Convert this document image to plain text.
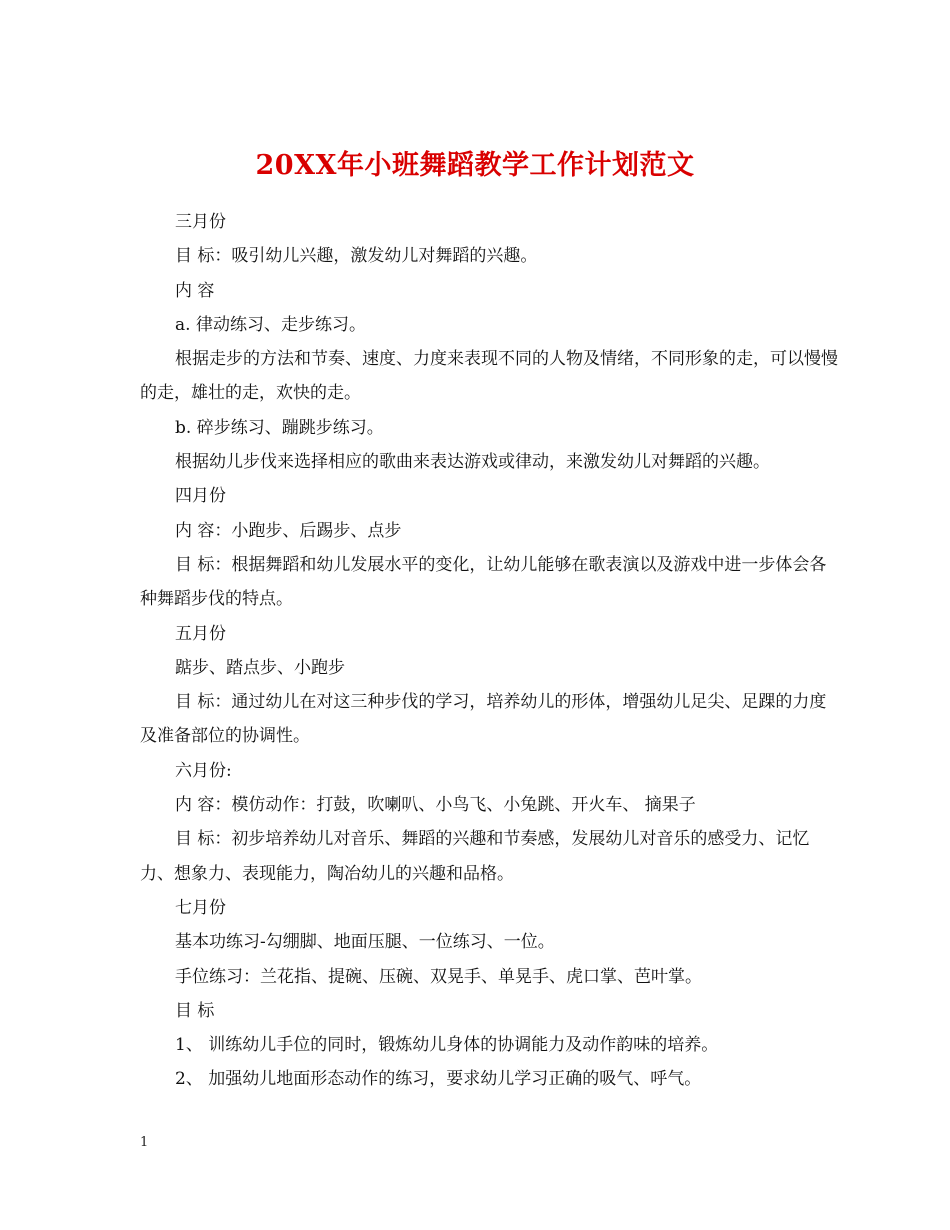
20XX年小班舞蹈教学工作计划范文

三月份

目 标：吸引幼儿兴趣，激发幼儿对舞蹈的兴趣。

内 容

a. 律动练习、走步练习。

根据走步的方法和节奏、速度、力度来表现不同的人物及情绪，不同形象的走，可以慢慢的走，雄壮的走，欢快的走。

b. 碎步练习、蹦跳步练习。

根据幼儿步伐来选择相应的歌曲来表达游戏或律动，来激发幼儿对舞蹈的兴趣。

四月份

内 容：小跑步、后踢步、点步

目 标：根据舞蹈和幼儿发展水平的变化，让幼儿能够在歌表演以及游戏中进一步体会各种舞蹈步伐的特点。

五月份

踮步、踏点步、小跑步

目 标：通过幼儿在对这三种步伐的学习，培养幼儿的形体，增强幼儿足尖、足踝的力度及准备部位的协调性。

六月份:

内 容：模仿动作：打鼓，吹喇叭、小鸟飞、小兔跳、开火车、 摘果子

目 标：初步培养幼儿对音乐、舞蹈的兴趣和节奏感，发展幼儿对音乐的感受力、记忆力、想象力、表现能力，陶冶幼儿的兴趣和品格。

七月份

基本功练习-勾绷脚、地面压腿、一位练习、一位。

手位练习：兰花指、提碗、压碗、双晃手、单晃手、虎口掌、芭叶掌。

目 标

1、 训练幼儿手位的同时，锻炼幼儿身体的协调能力及动作韵味的培养。

2、 加强幼儿地面形态动作的练习，要求幼儿学习正确的吸气、呼气。

1
